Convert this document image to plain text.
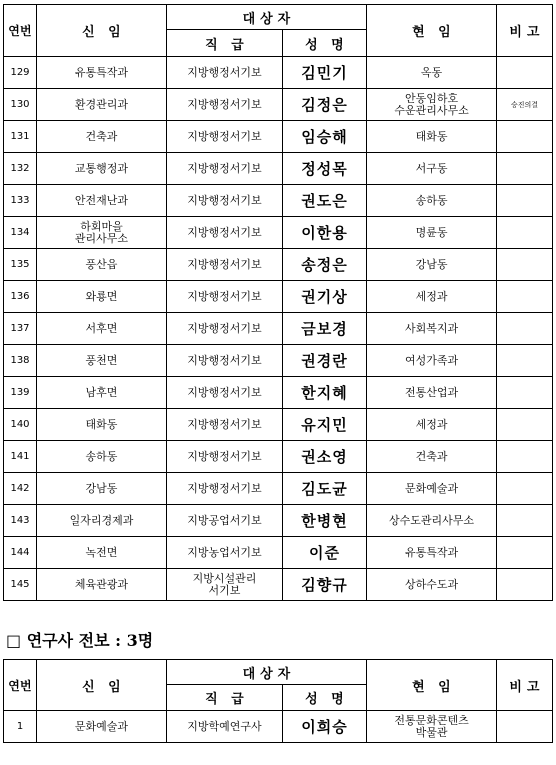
연번	신　임	대 상 자		현　임	비 고
		직　급	성　명		
129	유통특작과	지방행정서기보	김민기	옥동	
130	환경관리과	지방행정서기보	김정은	안동임하호
수운관리사무소	승진의결
131	건축과	지방행정서기보	임승해	태화동	
132	교통행정과	지방행정서기보	정성목	서구동	
133	안전재난과	지방행정서기보	권도은	송하동	
134	하회마을
관리사무소	지방행정서기보	이한용	명륜동	
135	풍산읍	지방행정서기보	송정은	강남동	
136	와룡면	지방행정서기보	권기상	세정과	
137	서후면	지방행정서기보	금보경	사회복지과	
138	풍천면	지방행정서기보	권경란	여성가족과	
139	남후면	지방행정서기보	한지혜	전통산업과	
140	태화동	지방행정서기보	유지민	세정과	
141	송하동	지방행정서기보	권소영	건축과	
142	강남동	지방행정서기보	김도균	문화예술과	
143	일자리경제과	지방공업서기보	한병현	상수도관리사무소	
144	녹전면	지방농업서기보	이준	유통특작과	
145	체육관광과	지방시설관리
서기보	김향규	상하수도과	
□ 연구사 전보 : 3명
연번	신　임	대 상 자		현　임	비 고
		직　급	성　명		
1	문화예술과	지방학예연구사	이희승	전통문화콘텐츠
박물관	
